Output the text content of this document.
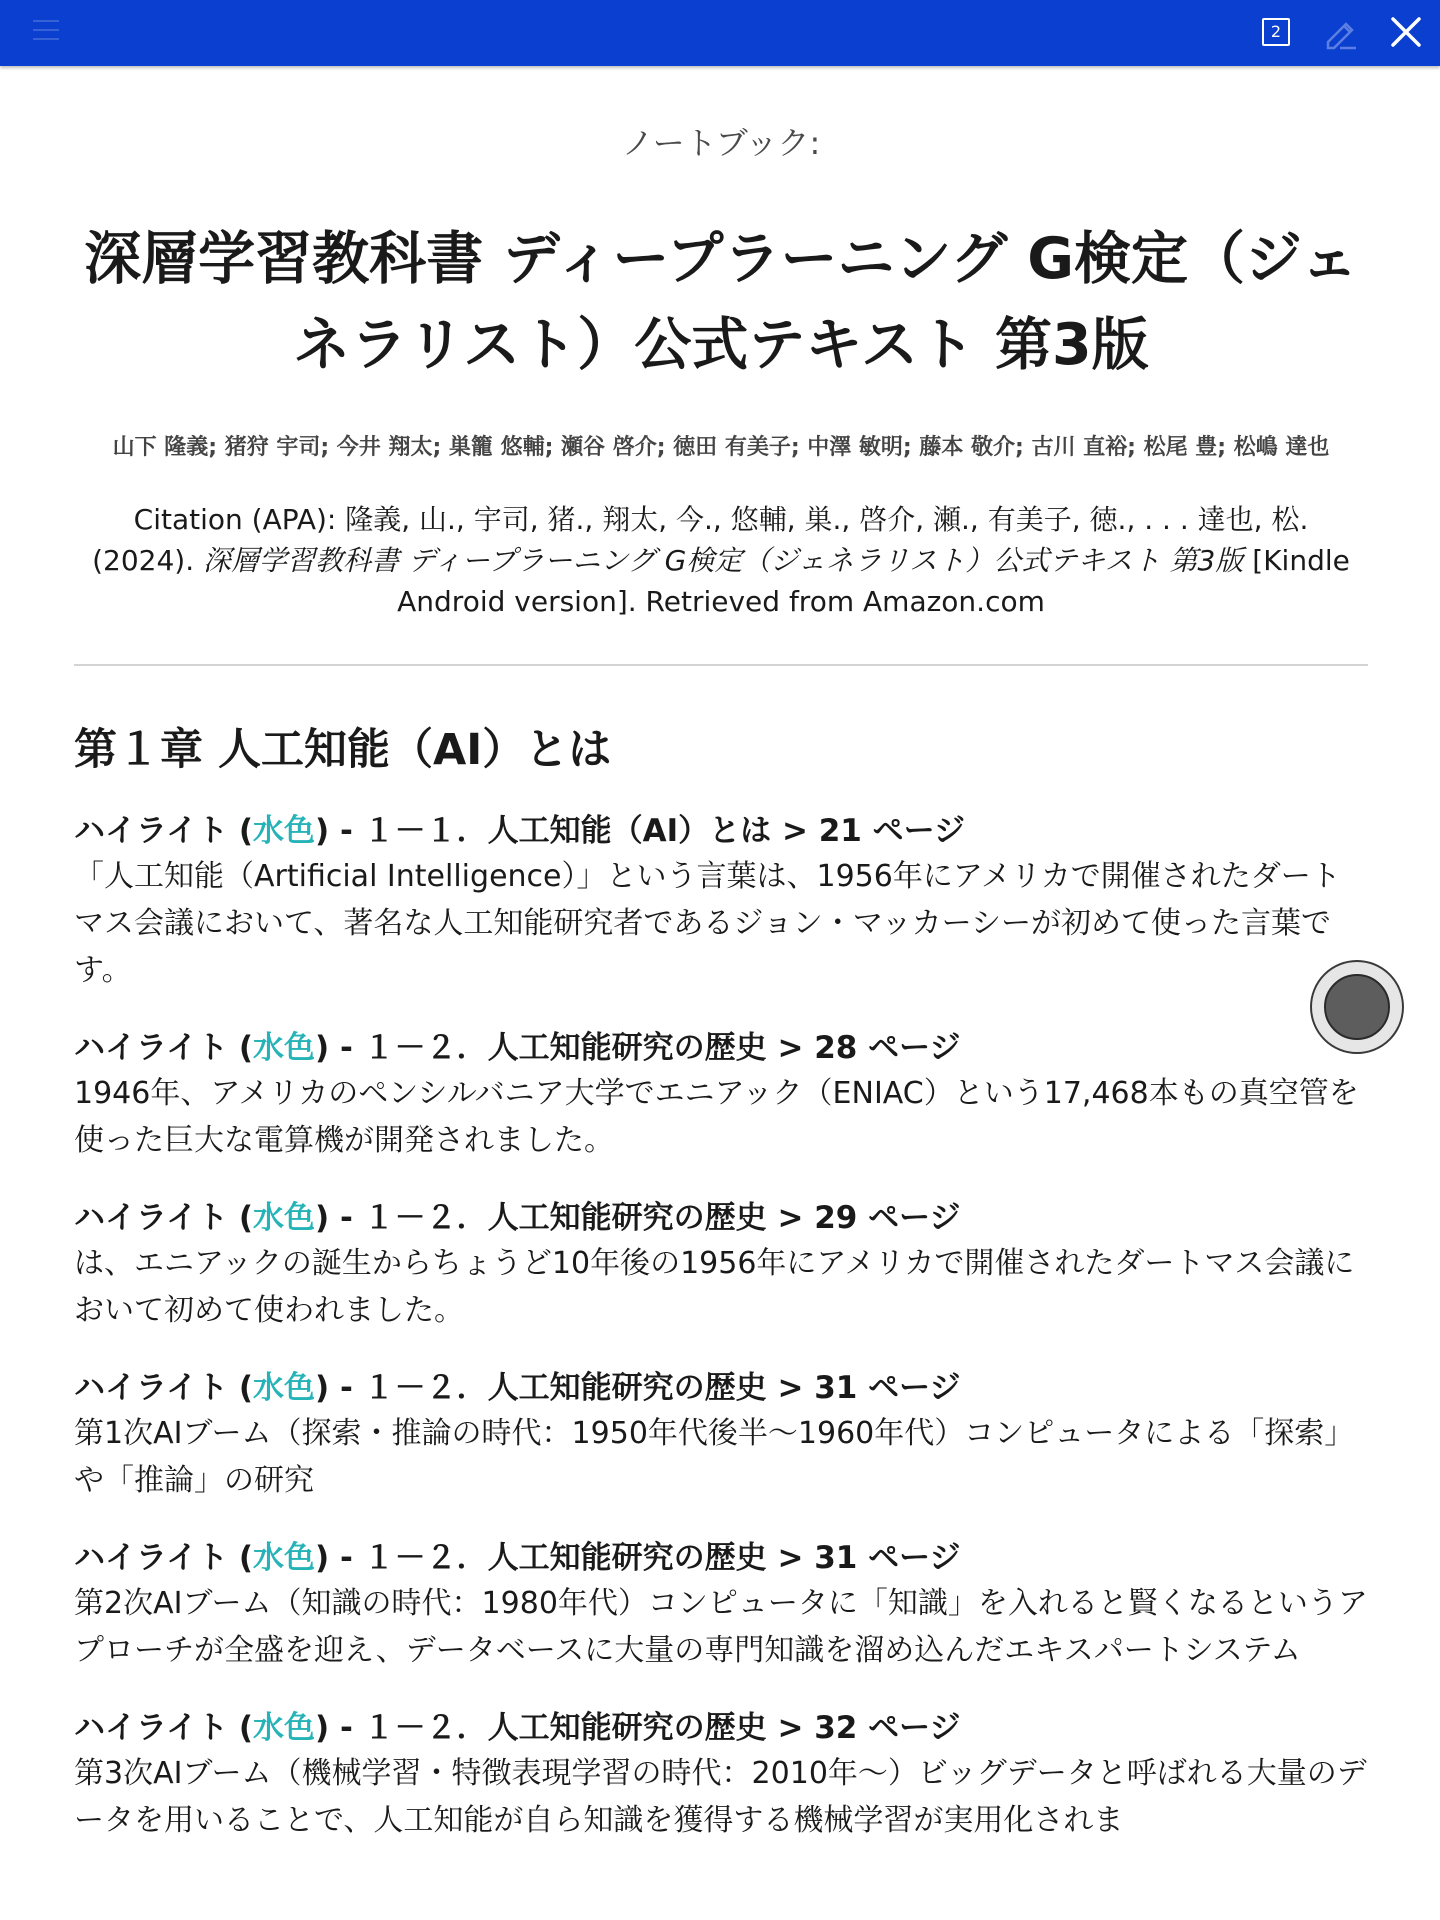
2
ノートブック:
深層学習教科書 ディープラーニング G検定（ジェネラリスト）公式テキスト 第3版
山下 隆義; 猪狩 宇司; 今井 翔太; 巣籠 悠輔; 瀬谷 啓介; 徳田 有美子; 中澤 敏明; 藤本 敬介; 古川 直裕; 松尾 豊; 松嶋 達也
Citation (APA): 隆義, 山., 宇司, 猪., 翔太, 今., 悠輔, 巣., 啓介, 瀬., 有美子, 徳., . . . 達也, 松. (2024). 深層学習教科書 ディープラーニング G検定（ジェネラリスト）公式テキスト 第3版 [Kindle Android version]. Retrieved from Amazon.com
第１章 人工知能（AI）とは
ハイライト (水色) - １－１．人工知能（AI）とは > 21 ページ
「人工知能（Artificial Intelligence）」という言葉は、1956年にアメリカで開催されたダートマス会議において、著名な人工知能研究者であるジョン・マッカーシーが初めて使った言葉です。
ハイライト (水色) - １－２．人工知能研究の歴史 > 28 ページ
1946年、アメリカのペンシルバニア大学でエニアック（ENIAC）という17,468本もの真空管を使った巨大な電算機が開発されました。
ハイライト (水色) - １－２．人工知能研究の歴史 > 29 ページ
は、エニアックの誕生からちょうど10年後の1956年にアメリカで開催されたダートマス会議において初めて使われました。
ハイライト (水色) - １－２．人工知能研究の歴史 > 31 ページ
第1次AIブーム（探索・推論の時代：1950年代後半～1960年代）コンピュータによる「探索」や「推論」の研究
ハイライト (水色) - １－２．人工知能研究の歴史 > 31 ページ
第2次AIブーム（知識の時代：1980年代）コンピュータに「知識」を入れると賢くなるというアプローチが全盛を迎え、データベースに大量の専門知識を溜め込んだエキスパートシステム
ハイライト (水色) - １－２．人工知能研究の歴史 > 32 ページ
第3次AIブーム（機械学習・特徴表現学習の時代：2010年～）ビッグデータと呼ばれる大量のデータを用いることで、人工知能が自ら知識を獲得する機械学習が実用化されま
